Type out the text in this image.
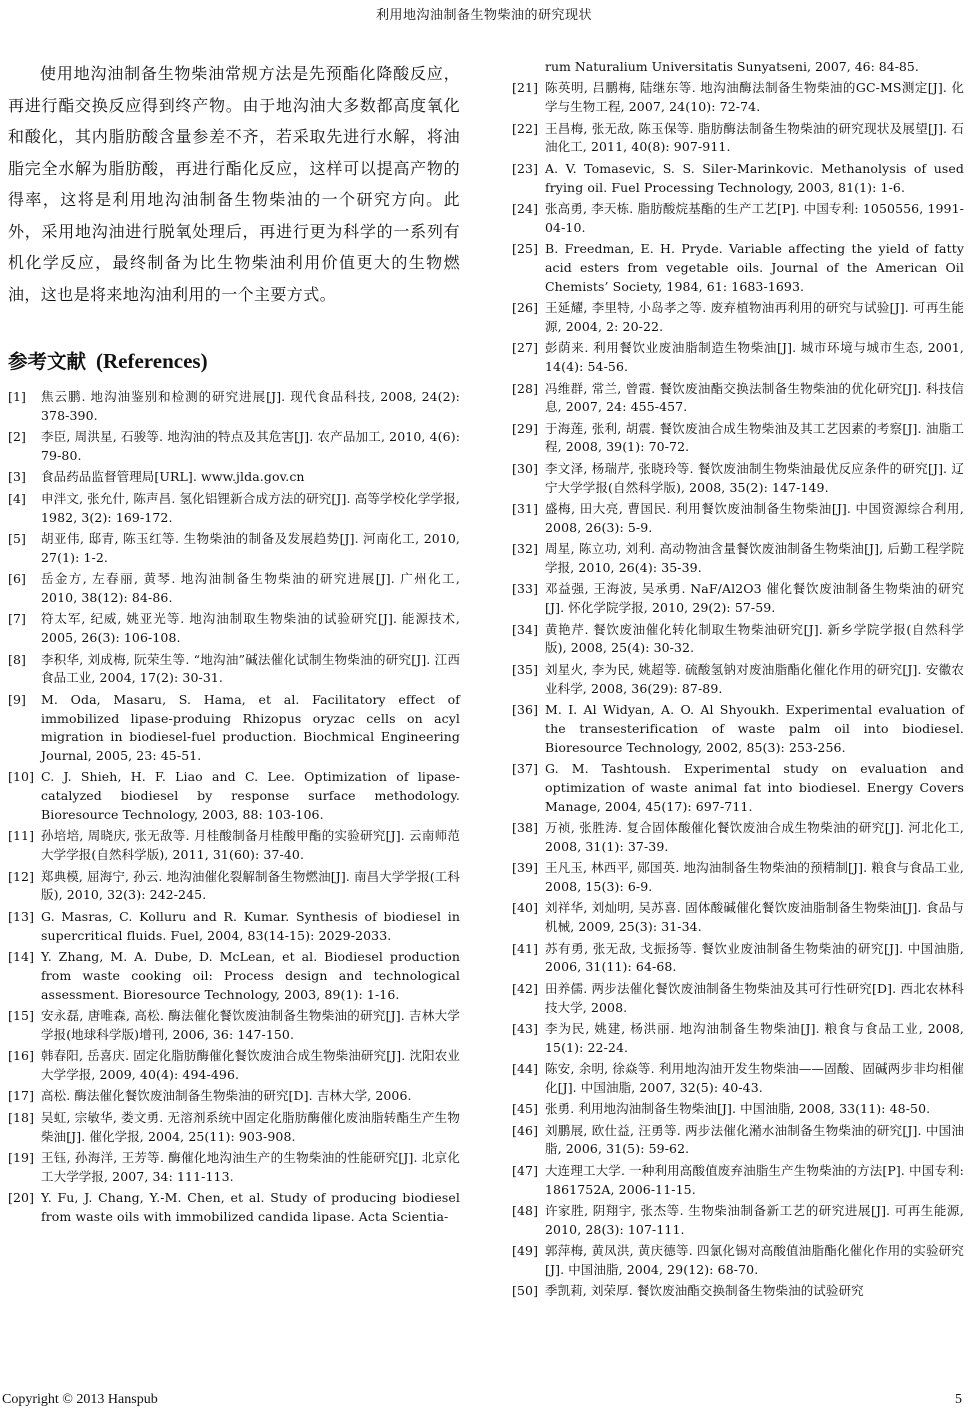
利用地沟油制备生物柴油的研究现状

使用地沟油制备生物柴油常规方法是先预酯化降酸反应，再进行酯交换反应得到终产物。由于地沟油大多数都高度氧化和酸化，其内脂肪酸含量参差不齐，若采取先进行水解，将油脂完全水解为脂肪酸，再进行酯化反应，这样可以提高产物的得率，这将是利用地沟油制备生物柴油的一个研究方向。此外，采用地沟油进行脱氧处理后，再进行更为科学的一系列有机化学反应，最终制备为比生物柴油利用价值更大的生物燃油，这也是将来地沟油利用的一个主要方式。

参考文献 (References)
[1] 焦云鹏. 地沟油鉴别和检测的研究进展[J]. 现代食品科技, 2008, 24(2): 378-390.
[2] 李臣, 周洪星, 石骏等. 地沟油的特点及其危害[J]. 农产品加工, 2010, 4(6): 79-80.
[3] 食品药品监督管理局[URL]. www.jlda.gov.cn
[4] 申泮文, 张允什, 陈声昌. 氢化铝锂新合成方法的研究[J]. 高等学校化学学报, 1982, 3(2): 169-172.
[5] 胡亚伟, 邸青, 陈玉红等. 生物柴油的制备及发展趋势[J]. 河南化工, 2010, 27(1): 1-2.
[6] 岳金方, 左春丽, 黄琴. 地沟油制备生物柴油的研究进展[J]. 广州化工, 2010, 38(12): 84-86.
[7] 符太军, 纪威, 姚亚光等. 地沟油制取生物柴油的试验研究[J]. 能源技术, 2005, 26(3): 106-108.
[8] 李积华, 刘成梅, 阮荣生等. “地沟油”碱法催化试制生物柴油的研究[J]. 江西食品工业, 2004, 17(2): 30-31.
[9] M. Oda, Masaru, S. Hama, et al. Facilitatory effect of immobilized lipase-produing Rhizopus oryzac cells on acyl migration in biodiesel-fuel production. Biochmical Engineering Journal, 2005, 23: 45-51.
[10] C. J. Shieh, H. F. Liao and C. Lee. Optimization of lipase-catalyzed biodiesel by response surface methodology. Bioresource Technology, 2003, 88: 103-106.
[11] 孙培培, 周晓庆, 张无敌等. 月桂酸制备月桂酸甲酯的实验研究[J]. 云南师范大学学报(自然科学版), 2011, 31(60): 37-40.
[12] 郑典模, 屈海宁, 孙云. 地沟油催化裂解制备生物燃油[J]. 南昌大学学报(工科版), 2010, 32(3): 242-245.
[13] G. Masras, C. Kolluru and R. Kumar. Synthesis of biodiesel in supercritical fluids. Fuel, 2004, 83(14-15): 2029-2033.
[14] Y. Zhang, M. A. Dube, D. McLean, et al. Biodiesel production from waste cooking oil: Process design and technological assessment. Bioresource Technology, 2003, 89(1): 1-16.
[15] 安永磊, 唐唯森, 高松. 酶法催化餐饮废油制备生物柴油的研究[J]. 吉林大学学报(地球科学版)增刊, 2006, 36: 147-150.
[16] 韩春阳, 岳喜庆. 固定化脂肪酶催化餐饮废油合成生物柴油研究[J]. 沈阳农业大学学报, 2009, 40(4): 494-496.
[17] 高松. 酶法催化餐饮废油制备生物柴油的研究[D]. 吉林大学, 2006.
[18] 吴虹, 宗敏华, 娄文勇. 无溶剂系统中固定化脂肪酶催化废油脂转酯生产生物柴油[J]. 催化学报, 2004, 25(11): 903-908.
[19] 王钰, 孙海洋, 王芳等. 酶催化地沟油生产的生物柴油的性能研究[J]. 北京化工大学学报, 2007, 34: 111-113.
[20] Y. Fu, J. Chang, Y.-M. Chen, et al. Study of producing biodiesel from waste oils with immobilized candida lipase. Acta Scientia-
rum Naturalium Universitatis Sunyatseni, 2007, 46: 84-85.
[21] 陈英明, 吕鹏梅, 陆继东等. 地沟油酶法制备生物柴油的GC-MS测定[J]. 化学与生物工程, 2007, 24(10): 72-74.
[22] 王昌梅, 张无敌, 陈玉保等. 脂肪酶法制备生物柴油的研究现状及展望[J]. 石油化工, 2011, 40(8): 907-911.
[23] A. V. Tomasevic, S. S. Siler-Marinkovic. Methanolysis of used frying oil. Fuel Processing Technology, 2003, 81(1): 1-6.
[24] 张高勇, 李天栋. 脂肪酸烷基酯的生产工艺[P]. 中国专利: 1050556, 1991-04-10.
[25] B. Freedman, E. H. Pryde. Variable affecting the yield of fatty acid esters from vegetable oils. Journal of the American Oil Chemists’ Society, 1984, 61: 1683-1693.
[26] 王延耀, 李里特, 小岛孝之等. 废弃植物油再利用的研究与试验[J]. 可再生能源, 2004, 2: 20-22.
[27] 彭荫来. 利用餐饮业废油脂制造生物柴油[J]. 城市环境与城市生态, 2001, 14(4): 54-56.
[28] 冯维群, 常兰, 曾霞. 餐饮废油酯交换法制备生物柴油的优化研究[J]. 科技信息, 2007, 24: 455-457.
[29] 于海莲, 张利, 胡震. 餐饮废油合成生物柴油及其工艺因素的考察[J]. 油脂工程, 2008, 39(1): 70-72.
[30] 李文泽, 杨瑞芹, 张晓玲等. 餐饮废油制生物柴油最优反应条件的研究[J]. 辽宁大学学报(自然科学版), 2008, 35(2): 147-149.
[31] 盛梅, 田大亮, 曹国民. 利用餐饮废油制备生物柴油[J]. 中国资源综合利用, 2008, 26(3): 5-9.
[32] 周星, 陈立功, 刘利. 高动物油含量餐饮废油制备生物柴油[J], 后勤工程学院学报, 2010, 26(4): 35-39.
[33] 邓益强, 王海波, 吴承勇. NaF/Al2O3 催化餐饮废油制备生物柴油的研究[J]. 怀化学院学报, 2010, 29(2): 57-59.
[34] 黄艳芹. 餐饮废油催化转化制取生物柴油研究[J]. 新乡学院学报(自然科学版), 2008, 25(4): 30-32.
[35] 刘星火, 李为民, 姚超等. 硫酸氢钠对废油脂酯化催化作用的研究[J]. 安徽农业科学, 2008, 36(29): 87-89.
[36] M. I. Al Widyan, A. O. Al Shyoukh. Experimental evaluation of the transesterification of waste palm oil into biodiesel. Bioresource Technology, 2002, 85(3): 253-256.
[37] G. M. Tashtoush. Experimental study on evaluation and optimization of waste animal fat into biodiesel. Energy Covers Manage, 2004, 45(17): 697-711.
[38] 万祯, 张胜涛. 复合固体酸催化餐饮废油合成生物柴油的研究[J]. 河北化工, 2008, 31(1): 37-39.
[39] 王凡玉, 林西平, 郧国英. 地沟油制备生物柴油的预精制[J]. 粮食与食品工业, 2008, 15(3): 6-9.
[40] 刘祥华, 刘灿明, 吴苏喜. 固体酸碱催化餐饮废油脂制备生物柴油[J]. 食品与机械, 2009, 25(3): 31-34.
[41] 苏有勇, 张无敌, 戈振扬等. 餐饮业废油制备生物柴油的研究[J]. 中国油脂, 2006, 31(11): 64-68.
[42] 田养儒. 两步法催化餐饮废油制备生物柴油及其可行性研究[D]. 西北农林科技大学, 2008.
[43] 李为民, 姚建, 杨洪丽. 地沟油制备生物柴油[J]. 粮食与食品工业, 2008, 15(1): 22-24.
[44] 陈安, 余明, 徐焱等. 利用地沟油开发生物柴油——固酸、固碱两步非均相催化[J]. 中国油脂, 2007, 32(5): 40-43.
[45] 张勇. 利用地沟油制备生物柴油[J]. 中国油脂, 2008, 33(11): 48-50.
[46] 刘鹏展, 欧仕益, 汪勇等. 两步法催化潲水油制备生物柴油的研究[J]. 中国油脂, 2006, 31(5): 59-62.
[47] 大连理工大学. 一种利用高酸值废弃油脂生产生物柴油的方法[P]. 中国专利: 1861752A, 2006-11-15.
[48] 许家胜, 阴翔宇, 张杰等. 生物柴油制备新工艺的研究进展[J]. 可再生能源, 2010, 28(3): 107-111.
[49] 郭萍梅, 黄凤洪, 黄庆德等. 四氯化锡对高酸值油脂酯化催化作用的实验研究[J]. 中国油脂, 2004, 29(12): 68-70.
[50] 季凯莉, 刘荣厚. 餐饮废油酯交换制备生物柴油的试验研究
Copyright © 2013 Hanspub	5
